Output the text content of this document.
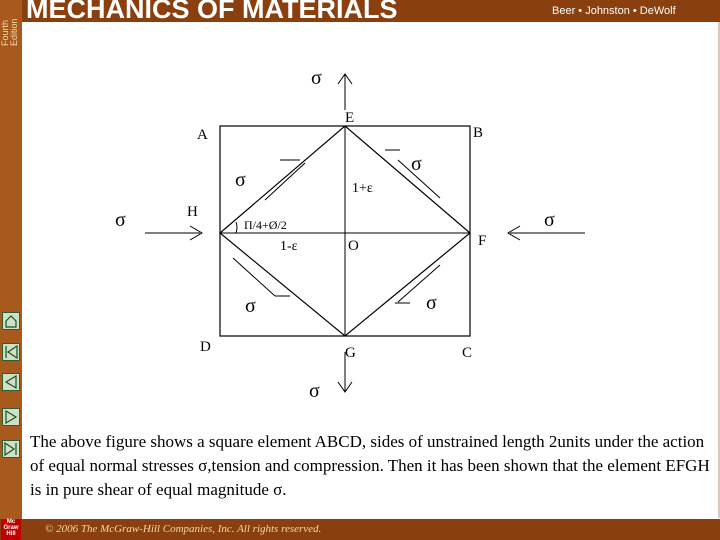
Fourth Edition
MECHANICS OF MATERIALS	Beer • Johnston • DeWolf
σ
σ
σ	σ
σ
σ
σ	σ
A	B
C
D
E
F
G
H
O
1+ε
1-ε
Π/4+Ø/2

The above figure shows a square element ABCD, sides of unstrained length 2units under the action of equal normal stresses σ,tension and compression. Then it has been shown that the element EFGH is in pure shear of equal magnitude σ.

Mc
Graw
Hill	© 2006 The McGraw-Hill Companies, Inc. All rights reserved.
